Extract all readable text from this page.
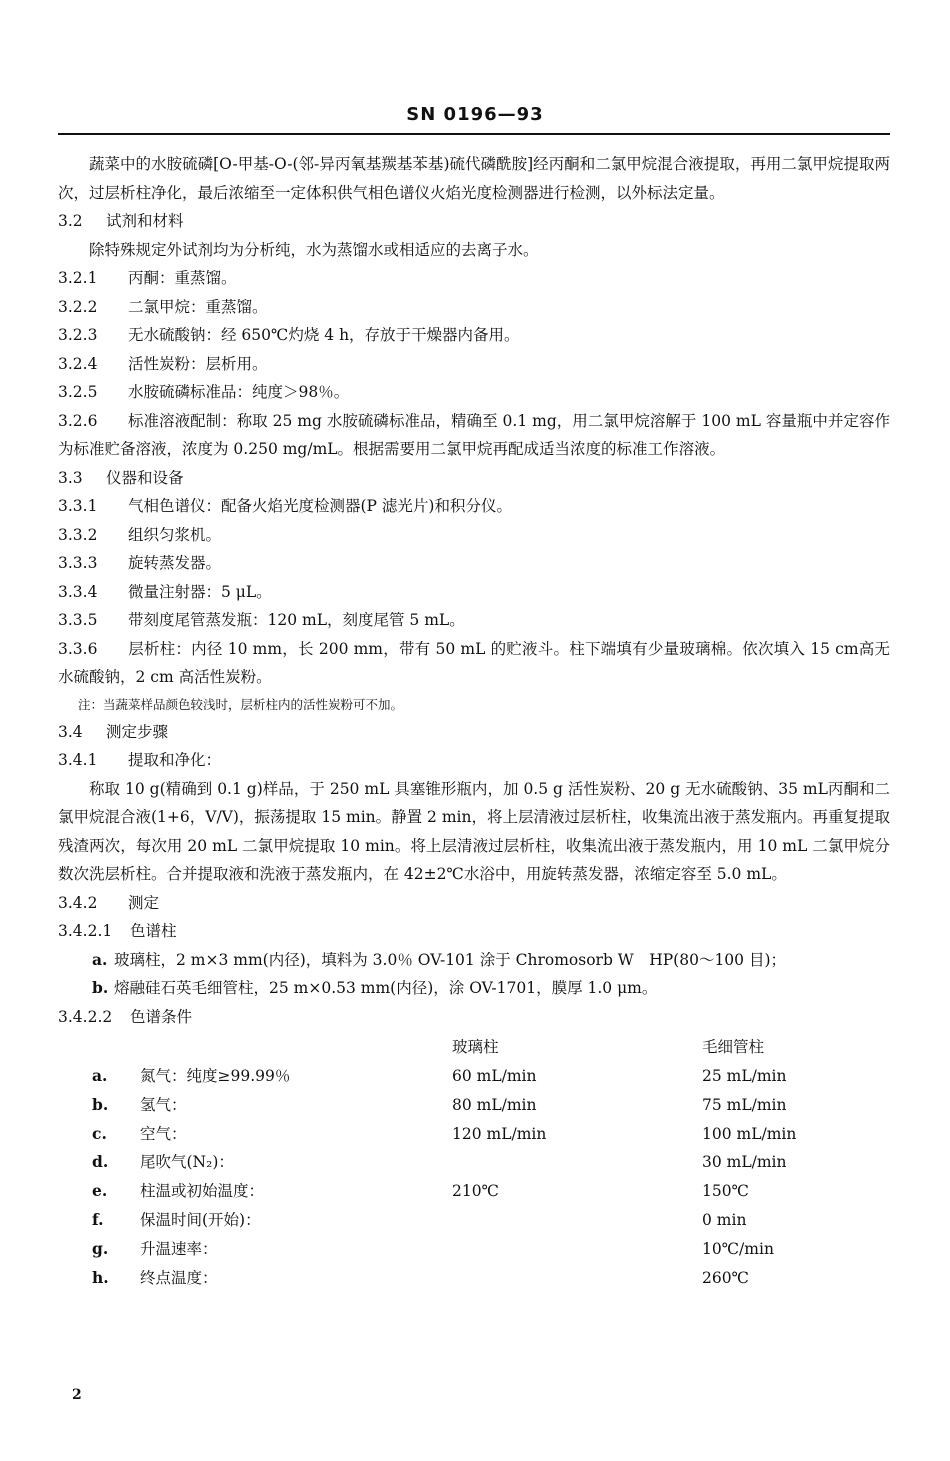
SN 0196—93

蔬菜中的水胺硫磷[O-甲基-O-(邻-异丙氧基羰基苯基)硫代磷酰胺]经丙酮和二氯甲烷混合液提取，再用二氯甲烷提取两次，过层析柱净化，最后浓缩至一定体积供气相色谱仪火焰光度检测器进行检测，以外标法定量。

3.2 试剂和材料

除特殊规定外试剂均为分析纯，水为蒸馏水或相适应的去离子水。

3.2.1 丙酮：重蒸馏。
3.2.2 二氯甲烷：重蒸馏。
3.2.3 无水硫酸钠：经 650℃灼烧 4 h，存放于干燥器内备用。
3.2.4 活性炭粉：层析用。
3.2.5 水胺硫磷标准品：纯度＞98％。
3.2.6 标准溶液配制：称取 25 mg 水胺硫磷标准品，精确至 0.1 mg，用二氯甲烷溶解于 100 mL 容量瓶中并定容作为标准贮备溶液，浓度为 0.250 mg/mL。根据需要用二氯甲烷再配成适当浓度的标准工作溶液。
3.3 仪器和设备
3.3.1 气相色谱仪：配备火焰光度检测器(P 滤光片)和积分仪。
3.3.2 组织匀浆机。
3.3.3 旋转蒸发器。
3.3.4 微量注射器：5 μL。
3.3.5 带刻度尾管蒸发瓶：120 mL，刻度尾管 5 mL。
3.3.6 层析柱：内径 10 mm，长 200 mm，带有 50 mL 的贮液斗。柱下端填有少量玻璃棉。依次填入 15 cm高无水硫酸钠，2 cm 高活性炭粉。
注：当蔬菜样品颜色较浅时，层析柱内的活性炭粉可不加。
3.4 测定步骤
3.4.1 提取和净化：

称取 10 g(精确到 0.1 g)样品，于 250 mL 具塞锥形瓶内，加 0.5 g 活性炭粉、20 g 无水硫酸钠、35 mL丙酮和二氯甲烷混合液(1+6，V/V)，振荡提取 15 min。静置 2 min，将上层清液过层析柱，收集流出液于蒸发瓶内。再重复提取残渣两次，每次用 20 mL 二氯甲烷提取 10 min。将上层清液过层析柱，收集流出液于蒸发瓶内，用 10 mL 二氯甲烷分数次洗层析柱。合并提取液和洗液于蒸发瓶内，在 42±2℃水浴中，用旋转蒸发器，浓缩定容至 5.0 mL。

3.4.2 测定
3.4.2.1 色谱柱
a. 玻璃柱，2 m×3 mm(内径)，填料为 3.0％ OV-101 涂于 Chromosorb W　HP(80～100 目)；
b. 熔融硅石英毛细管柱，25 m×0.53 mm(内径)，涂 OV-1701，膜厚 1.0 μm。
3.4.2.2 色谱条件
		玻璃柱	毛细管柱
a.	氮气：纯度≥99.99％	60 mL/min	25 mL/min
b.	氢气：	80 mL/min	75 mL/min
c.	空气：	120 mL/min	100 mL/min
d.	尾吹气(N₂)：		30 mL/min
e.	柱温或初始温度：	210℃	150℃
f.	保温时间(开始)：		0 min
g.	升温速率：		10℃/min
h.	终点温度：		260℃
2
